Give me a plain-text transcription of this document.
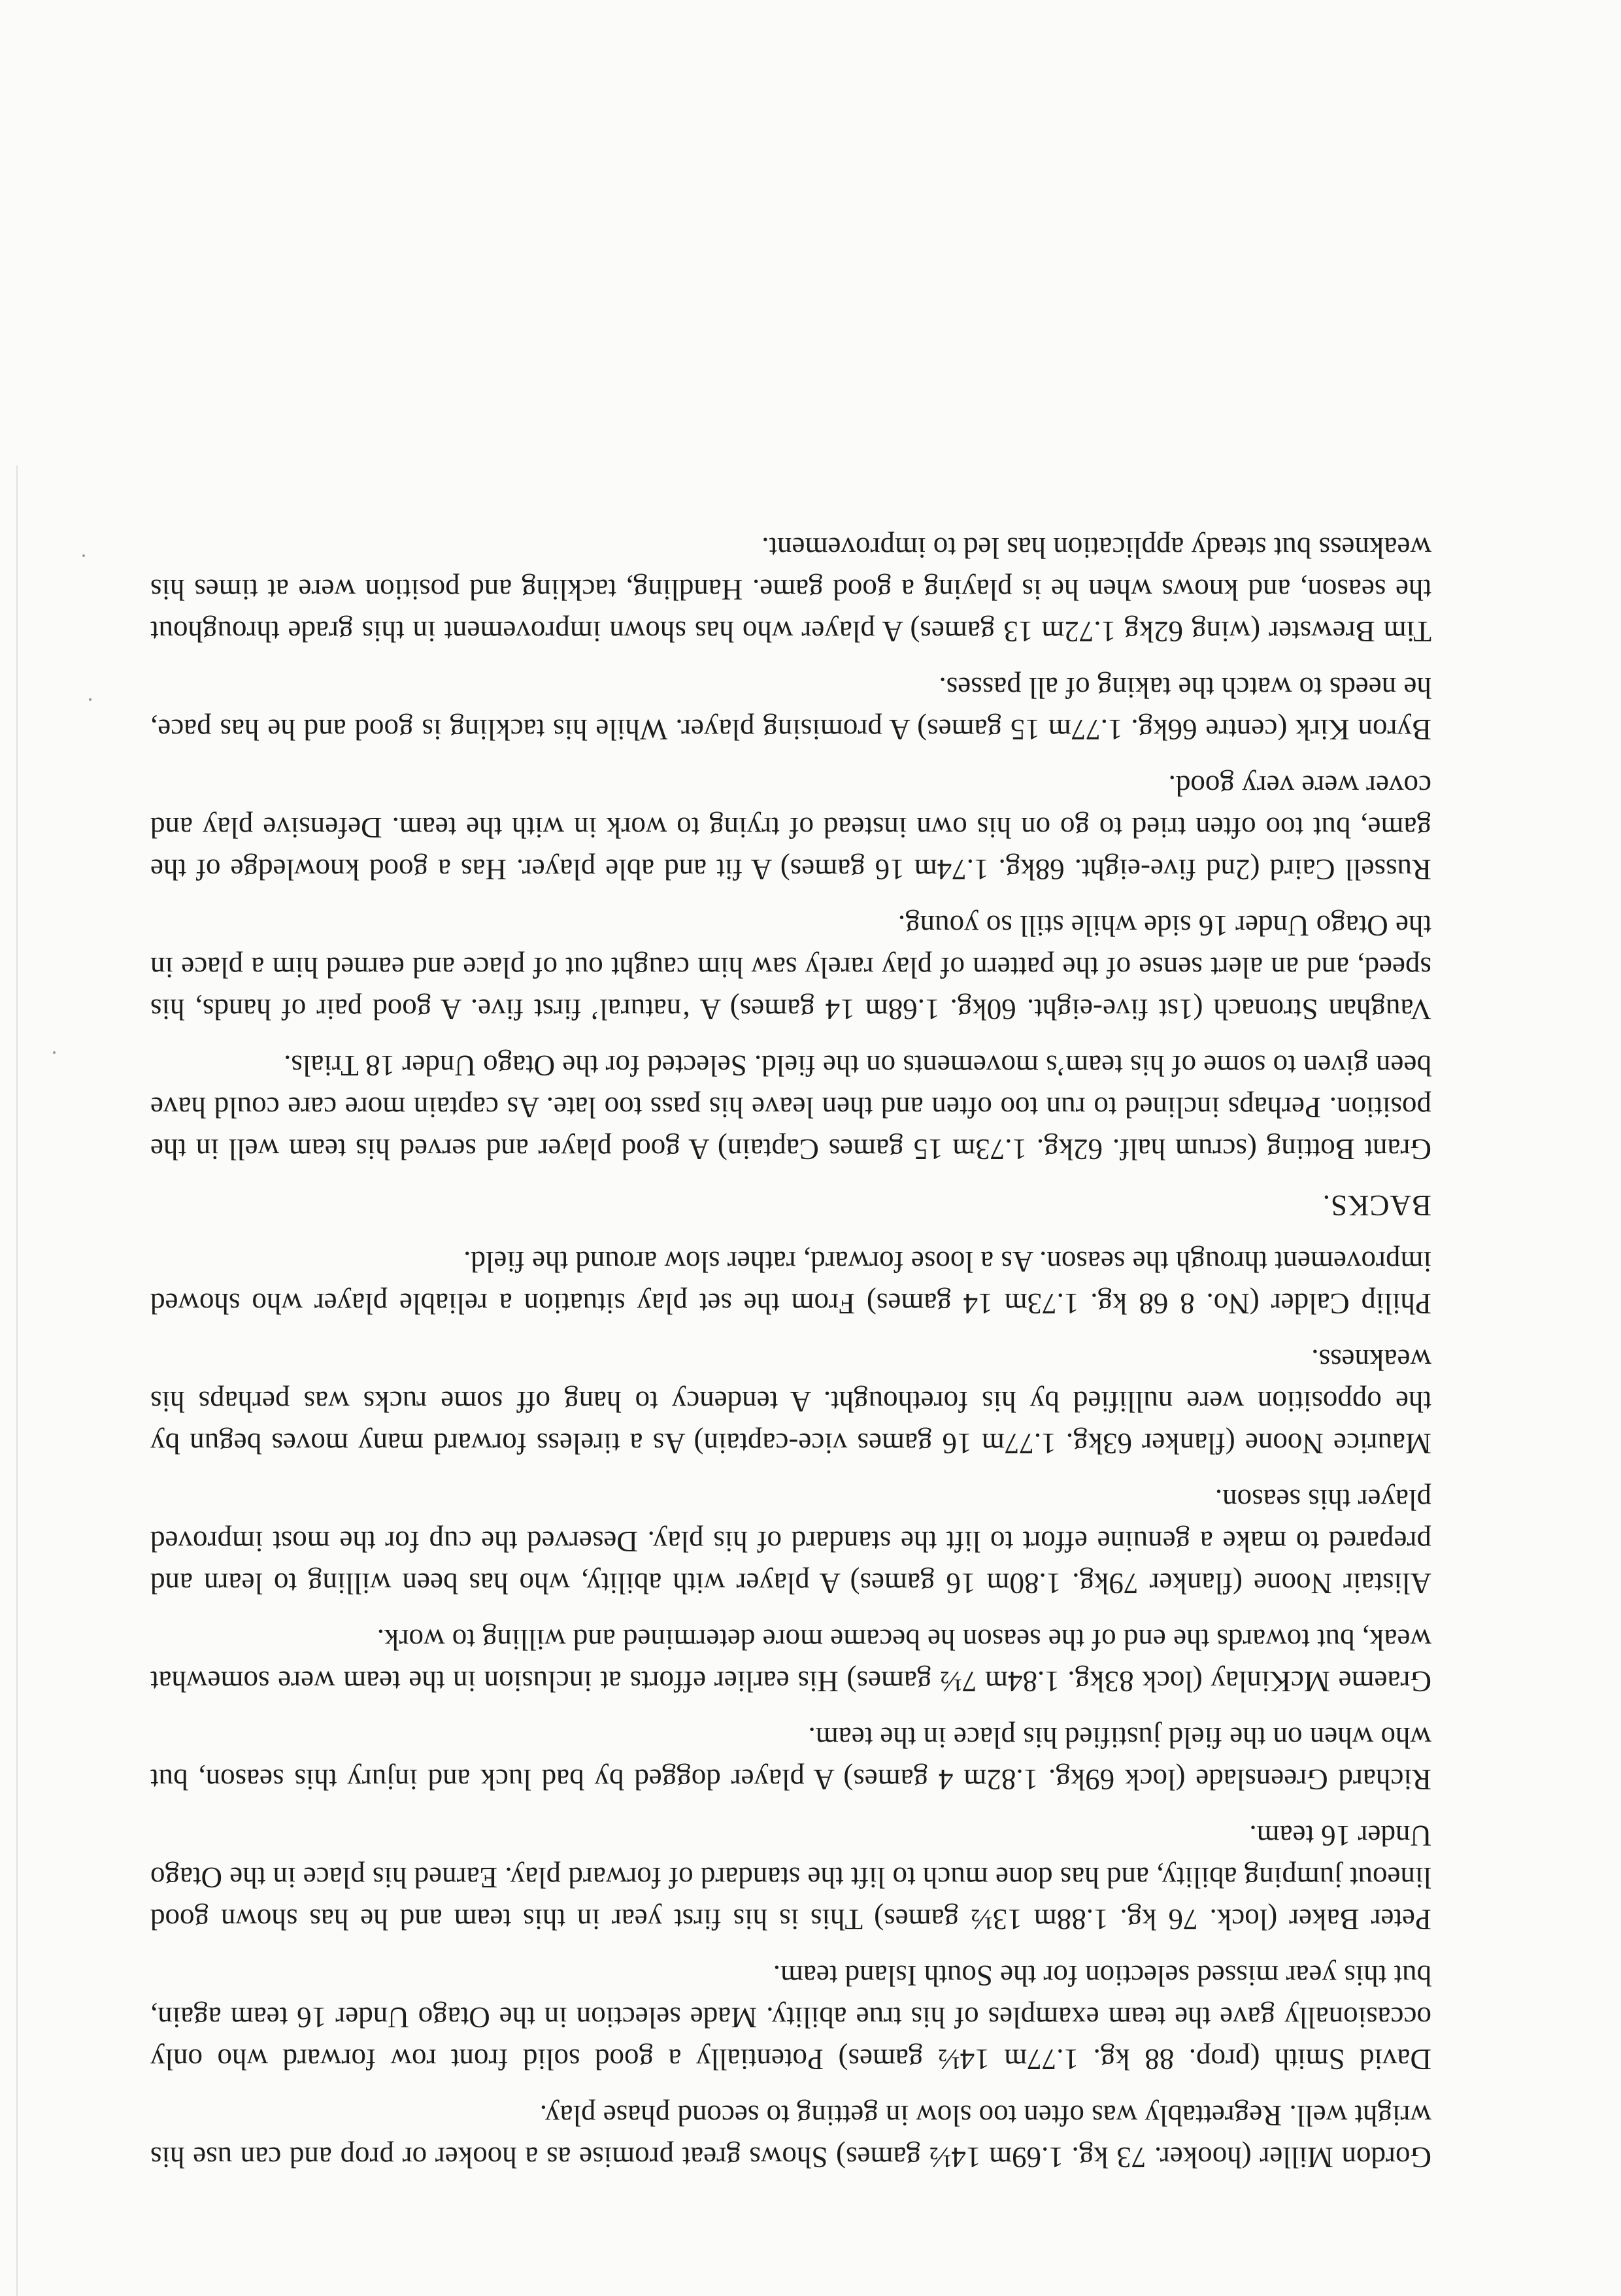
Gordon Miller (hooker. 73 kg. 1.69m 14½ games) Shows great promise as a hooker or prop and can use his wright well. Regrettably was often too slow in getting to second phase play.

David Smith (prop. 88 kg. 1.77m 14½ games) Potentially a good solid front row forward who only occasionally gave the team examples of his true ability. Made selection in the Otago Under 16 team again, but this year missed selection for the South Island team.

Peter Baker (lock. 76 kg. 1.88m 13½ games) This is his first year in this team and he has shown good lineout jumping ability, and has done much to lift the standard of forward play. Earned his place in the Otago Under 16 team.

Richard Greenslade (lock 69kg. 1.82m 4 games) A player dogged by bad luck and injury this season, but who when on the field justified his place in the team.

Graeme McKinlay (lock 83kg. 1.84m 7½ games) His earlier efforts at inclusion in the team were somewhat weak, but towards the end of the season he became more determined and willing to work.

Alistair Noone (flanker 79kg. 1.80m 16 games) A player with ability, who has been willing to learn and prepared to make a genuine effort to lift the standard of his play. Deserved the cup for the most improved player this season.

Maurice Noone (flanker 63kg. 1.77m 16 games vice-captain) As a tireless forward many moves begun by the opposition were nullified by his forethought. A tendency to hang off some rucks was perhaps his weakness.

Philip Calder (No. 8 68 kg. 1.73m 14 games) From the set play situation a reliable player who showed improvement through the season. As a loose forward, rather slow around the field.

BACKS.

Grant Botting (scrum half. 62kg. 1.73m 15 games Captain) A good player and served his team well in the position. Perhaps inclined to run too often and then leave his pass too late. As captain more care could have been given to some of his team’s movements on the field. Selected for the Otago Under 18 Trials.

Vaughan Stronach (1st five-eight. 60kg. 1.68m 14 games) A ‘natural’ first five. A good pair of hands, his speed, and an alert sense of the pattern of play rarely saw him caught out of place and earned him a place in the Otago Under 16 side while still so young.

Russell Caird (2nd five-eight. 68kg. 1.74m 16 games) A fit and able player. Has a good knowledge of the game, but too often tried to go on his own instead of trying to work in with the team. Defensive play and cover were very good.

Byron Kirk (centre 66kg. 1.77m 15 games) A promising player. While his tackling is good and he has pace, he needs to watch the taking of all passes.

Tim Brewster (wing 62kg 1.72m 13 games) A player who has shown improvement in this grade throughout the season, and knows when he is playing a good game. Handling, tackling and position were at times his weakness but steady application has led to improvement.
